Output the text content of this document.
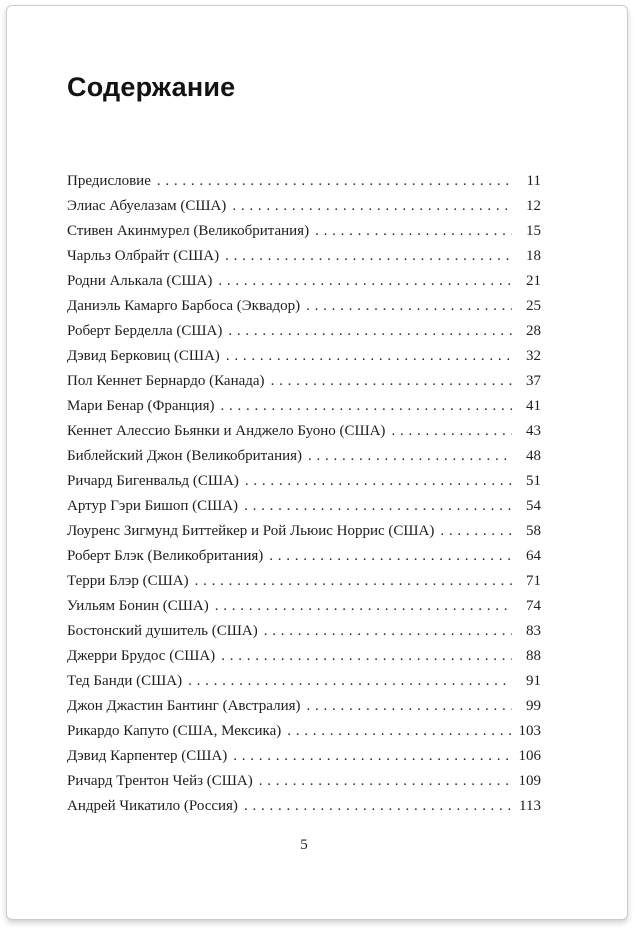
Содержание
Предисловие . . .	11
Элиас Абуелазам (США) . . .	12
Стивен Акинмурел (Великобритания) . . .	15
Чарльз Олбрайт (США) . . .	18
Родни Алькала (США) . . .	21
Даниэль Камарго Барбоса (Эквадор) . . .	25
Роберт Берделла (США) . . .	28
Дэвид Берковиц (США) . . .	32
Пол Кеннет Бернардо (Канада) . . .	37
Мари Бенар (Франция) . . .	41
Кеннет Алессио Бьянки и Анджело Буоно (США) . . .	43
Библейский Джон (Великобритания) . . .	48
Ричард Бигенвальд (США) . . .	51
Артур Гэри Бишоп (США) . . .	54
Лоуренс Зигмунд Биттейкер и Рой Льюис Норрис (США) . . .	58
Роберт Блэк (Великобритания) . . .	64
Терри Блэр (США) . . .	71
Уильям Бонин (США) . . .	74
Бостонский душитель (США) . . .	83
Джерри Брудос (США) . . .	88
Тед Банди (США) . . .	91
Джон Джастин Бантинг (Австралия) . . .	99
Рикардо Капуто (США, Мексика) . . .	103
Дэвид Карпентер (США) . . .	106
Ричард Трентон Чейз (США) . . .	109
Андрей Чикатило (Россия) . . .	113
5
